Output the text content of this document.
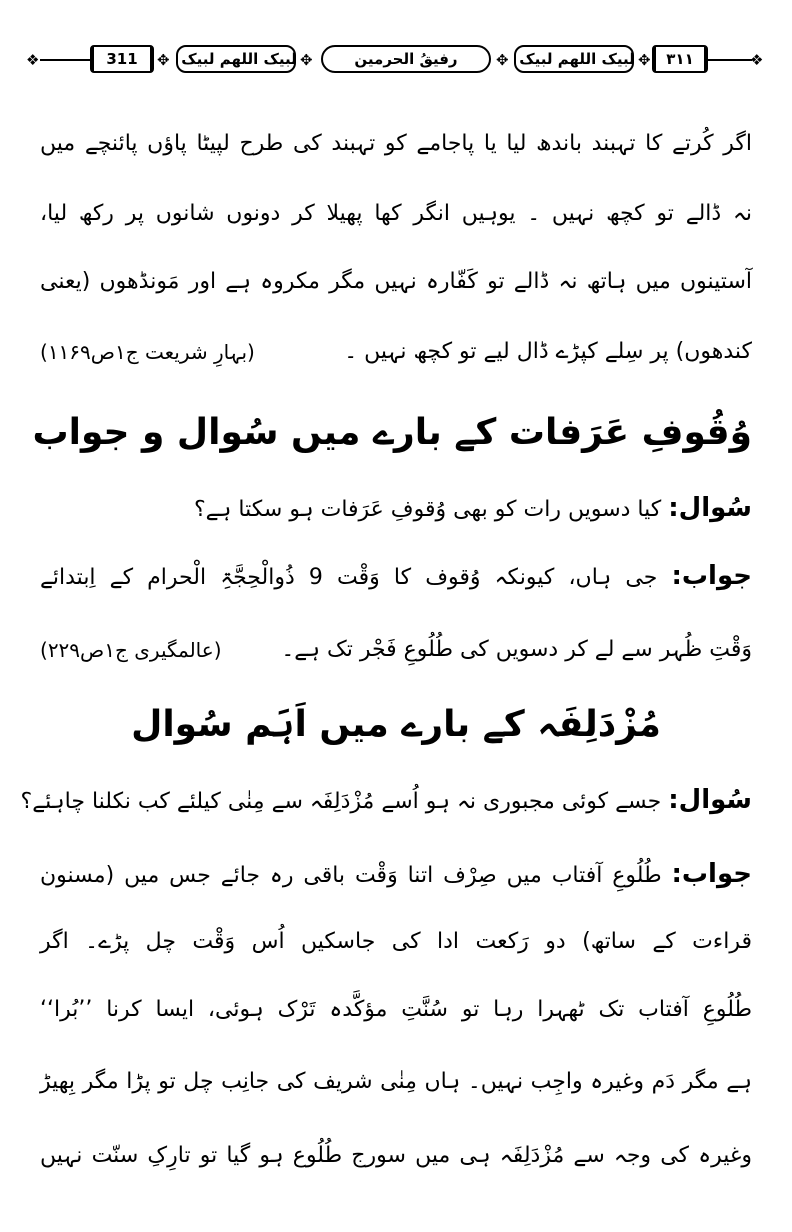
❖	311 ✥ لبیک اللھم لبیک ✥	رفیقُ الحرمین	✥ لبیک اللھم لبیک ✥ ۳۱۱	❖
اگر کُرتے کا تہبند باندھ لیا یا پاجامے کو تہبند کی طرح لپیٹا پاؤں پائنچے میں
نہ ڈالے تو کچھ نہیں ۔ یوہیں انگر کھا پھیلا کر دونوں شانوں پر رکھ لیا،
آستینوں میں ہاتھ نہ ڈالے تو کَفّارہ نہیں مگر مکروہ ہے اور مَونڈھوں (یعنی
کندھوں) پر سِلے کپڑے ڈال لیے تو کچھ نہیں ۔
(بہارِ شریعت ج۱ص۱۱۶۹)
وُقُوفِ عَرَفات کے بارے میں سُوال و جواب
سُوال: کیا دسویں رات کو بھی وُقوفِ عَرَفات ہو سکتا ہے؟
جواب: جی ہاں، کیونکہ وُقوف کا وَقْت 9 ذُوالْحِجَّۃِ الْحرام کے اِبتدائے
وَقْتِ ظُہر سے لے کر دسویں کی طُلُوعِ فَجْر تک ہے۔
(عالمگیری ج۱ص۲۲۹)
مُزْدَلِفَہ کے بارے میں اَہَم سُوال
سُوال: جسے کوئی مجبوری نہ ہو اُسے مُزْدَلِفَہ سے مِنٰی کیلئے کب نکلنا چاہئے؟
جواب: طُلُوعِ آفتاب میں صِرْف اتنا وَقْت باقی رہ جائے جس میں (مسنون
قراءت کے ساتھ) دو رَکعت ادا کی جاسکیں اُس وَقْت چل پڑے۔ اگر
طُلُوعِ آفتاب تک ٹھہرا رہا تو سُنَّتِ مؤکَّدہ تَرْک ہوئی، ایسا کرنا ’’بُرا‘‘
ہے مگر دَم وغیرہ واجِب نہیں۔ ہاں مِنٰی شریف کی جانِب چل تو پڑا مگر بِھیڑ
وغیرہ کی وجہ سے مُزْدَلِفَہ ہی میں سورج طُلُوع ہو گیا تو تارِکِ سنّت نہیں
